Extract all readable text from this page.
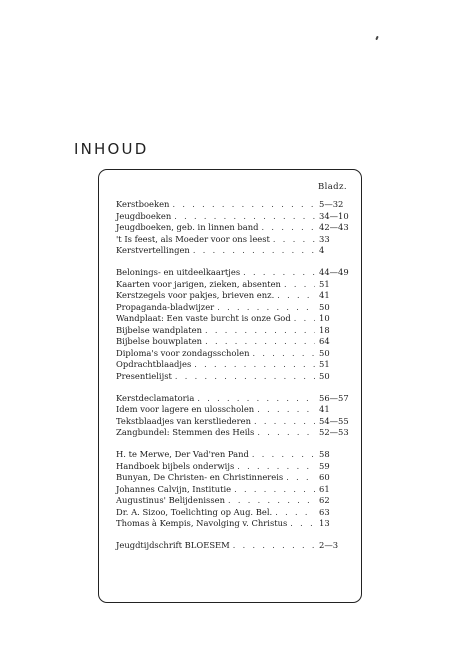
INHOUD
Bladz.
Kerstboeken . . .	5—32
Jeugdboeken . . .	34—10
Jeugdboeken, geb. in linnen band . . .	42—43
't Is feest, als Moeder voor ons leest . . .	33
Kerstvertellingen . . .	4
Belonings- en uitdeelkaartjes . . .	44—49
Kaarten voor jarigen, zieken, absenten . . .	51
Kerstzegels voor pakjes, brieven enz. . . .	41
Propaganda-bladwijzer . . .	50
Wandplaat: Een vaste burcht is onze God . . .	10
Bijbelse wandplaten . . .	18
Bijbelse bouwplaten . . .	64
Diploma's voor zondagsscholen . . .	50
Opdrachtblaadjes . . .	51
Presentielijst . . .	50
Kerstdeclamatoria . . .	56—57
Idem voor lagere en ulosscholen . . .	41
Tekstblaadjes van kerstliederen . . .	54—55
Zangbundel: Stemmen des Heils . . .	52—53
H. te Merwe, Der Vad'ren Pand . . .	58
Handboek bijbels onderwijs . . .	59
Bunyan, De Christen- en Christinnereis . . .	60
Johannes Calvijn, Institutie . . .	61
Augustinus' Belijdenissen . . .	62
Dr. A. Sizoo, Toelichting op Aug. Bel. . . .	63
Thomas à Kempis, Navolging v. Christus . . .	13
Jeugdtijdschrift BLOESEM . . .	2—3
